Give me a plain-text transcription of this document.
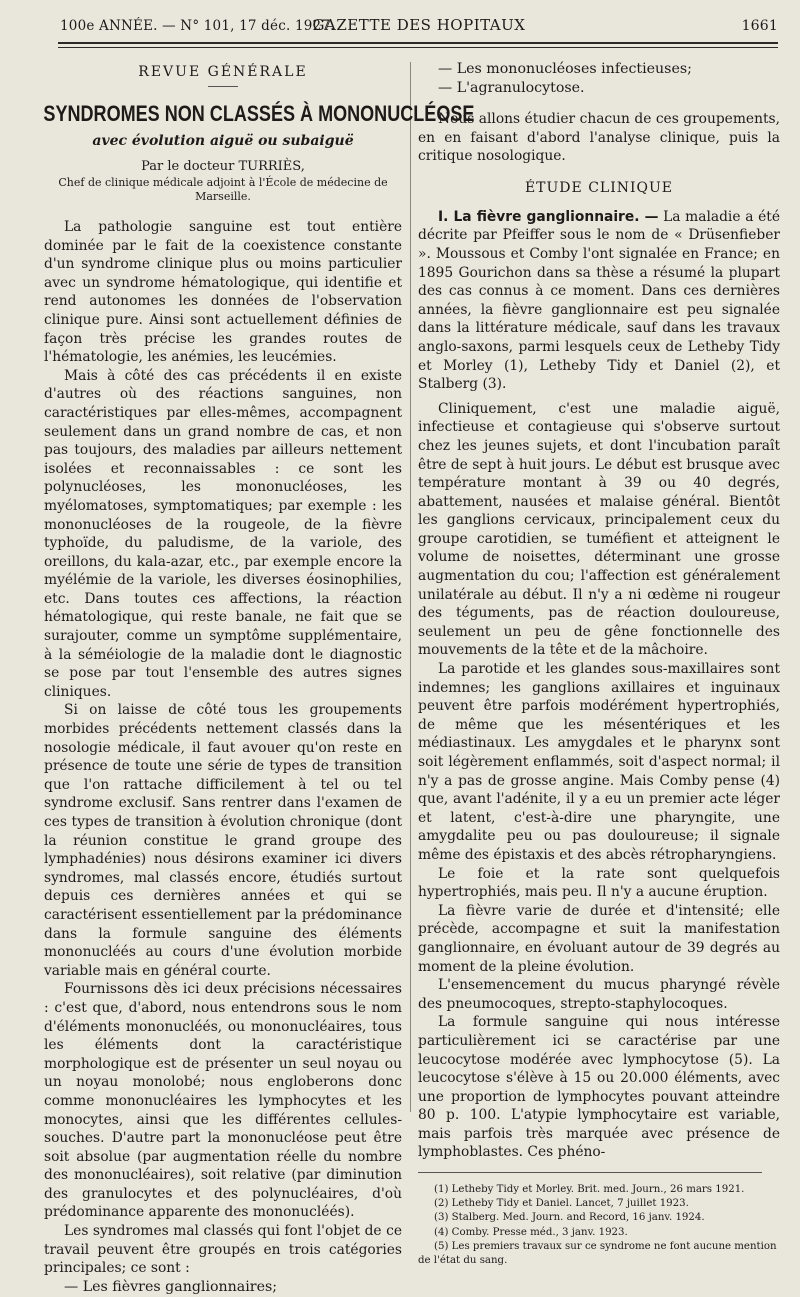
100e ANNÉE. — N° 101, 17 déc. 1927.
GAZETTE DES HOPITAUX	1661
REVUE GÉNÉRALE
SYNDROMES NON CLASSÉS À MONONUCLÉOSE
avec évolution aiguë ou subaiguë
Par le docteur TURRIÈS,
Chef de clinique médicale adjoint à l'École de médecine de Marseille.

La pathologie sanguine est tout entière dominée par le fait de la coexistence constante d'un syndrome clinique plus ou moins particulier avec un syndrome hématologique, qui identifie et rend autonomes les données de l'observation clinique pure. Ainsi sont actuellement définies de façon très précise les grandes routes de l'hématologie, les anémies, les leucémies.

Mais à côté des cas précédents il en existe d'autres où des réactions sanguines, non caractéristiques par elles-mêmes, accompagnent seulement dans un grand nombre de cas, et non pas toujours, des maladies par ailleurs nettement isolées et reconnaissables : ce sont les polynucléoses, les mononucléoses, les myélomatoses, symptomatiques; par exemple : les mononucléoses de la rougeole, de la fièvre typhoïde, du paludisme, de la variole, des oreillons, du kala-azar, etc., par exemple encore la myélémie de la variole, les diverses éosinophilies, etc. Dans toutes ces affections, la réaction hématologique, qui reste banale, ne fait que se surajouter, comme un symptôme supplémentaire, à la séméiologie de la maladie dont le diagnostic se pose par tout l'ensemble des autres signes cliniques.

Si on laisse de côté tous les groupements morbides précédents nettement classés dans la nosologie médicale, il faut avouer qu'on reste en présence de toute une série de types de transition que l'on rattache difficilement à tel ou tel syndrome exclusif. Sans rentrer dans l'examen de ces types de transition à évolution chronique (dont la réunion constitue le grand groupe des lymphadénies) nous désirons examiner ici divers syndromes, mal classés encore, étudiés surtout depuis ces dernières années et qui se caractérisent essentiellement par la prédominance dans la formule sanguine des éléments mononucléés au cours d'une évolution morbide variable mais en général courte.

Fournissons dès ici deux précisions nécessaires : c'est que, d'abord, nous entendrons sous le nom d'éléments mononucléés, ou mononucléaires, tous les éléments dont la caractéristique morphologique est de présenter un seul noyau ou un noyau monolobé; nous engloberons donc comme mononucléaires les lymphocytes et les monocytes, ainsi que les différentes cellules-souches. D'autre part la mononucléose peut être soit absolue (par augmentation réelle du nombre des mononucléaires), soit relative (par diminution des granulocytes et des polynucléaires, d'où prédominance apparente des mononucléés).

Les syndromes mal classés qui font l'objet de ce travail peuvent être groupés en trois catégories principales; ce sont :

— Les fièvres ganglionnaires;

— Les mononucléoses infectieuses;

— L'agranulocytose.

Nous allons étudier chacun de ces groupements, en en faisant d'abord l'analyse clinique, puis la critique nosologique.

ÉTUDE CLINIQUE

I. La fièvre ganglionnaire. — La maladie a été décrite par Pfeiffer sous le nom de « Drüsenfieber ». Moussous et Comby l'ont signalée en France; en 1895 Gourichon dans sa thèse a résumé la plupart des cas connus à ce moment. Dans ces dernières années, la fièvre ganglionnaire est peu signalée dans la littérature médicale, sauf dans les travaux anglo-saxons, parmi lesquels ceux de Letheby Tidy et Morley (1), Letheby Tidy et Daniel (2), et Stalberg (3).

Cliniquement, c'est une maladie aiguë, infectieuse et contagieuse qui s'observe surtout chez les jeunes sujets, et dont l'incubation paraît être de sept à huit jours. Le début est brusque avec température montant à 39 ou 40 degrés, abattement, nausées et malaise général. Bientôt les ganglions cervicaux, principalement ceux du groupe carotidien, se tuméfient et atteignent le volume de noisettes, déterminant une grosse augmentation du cou; l'affection est généralement unilatérale au début. Il n'y a ni œdème ni rougeur des téguments, pas de réaction douloureuse, seulement un peu de gêne fonctionnelle des mouvements de la tête et de la mâchoire.

La parotide et les glandes sous-maxillaires sont indemnes; les ganglions axillaires et inguinaux peuvent être parfois modérément hypertrophiés, de même que les mésentériques et les médiastinaux. Les amygdales et le pharynx sont soit légèrement enflammés, soit d'aspect normal; il n'y a pas de grosse angine. Mais Comby pense (4) que, avant l'adénite, il y a eu un premier acte léger et latent, c'est-à-dire une pharyngite, une amygdalite peu ou pas douloureuse; il signale même des épistaxis et des abcès rétropharyngiens.

Le foie et la rate sont quelquefois hypertrophiés, mais peu. Il n'y a aucune éruption.

La fièvre varie de durée et d'intensité; elle précède, accompagne et suit la manifestation ganglionnaire, en évoluant autour de 39 degrés au moment de la pleine évolution.

L'ensemencement du mucus pharyngé révèle des pneumocoques, strepto-staphylocoques.

La formule sanguine qui nous intéresse particulièrement ici se caractérise par une leucocytose modérée avec lymphocytose (5). La leucocytose s'élève à 15 ou 20.000 éléments, avec une proportion de lymphocytes pouvant atteindre 80 p. 100. L'atypie lymphocytaire est variable, mais parfois très marquée avec présence de lymphoblastes. Ces phéno-

(1) Letheby Tidy et Morley. Brit. med. Journ., 26 mars 1921.

(2) Letheby Tidy et Daniel. Lancet, 7 juillet 1923.

(3) Stalberg. Med. Journ. and Record, 16 janv. 1924.

(4) Comby. Presse méd., 3 janv. 1923.

(5) Les premiers travaux sur ce syndrome ne font aucune mention de l'état du sang.
